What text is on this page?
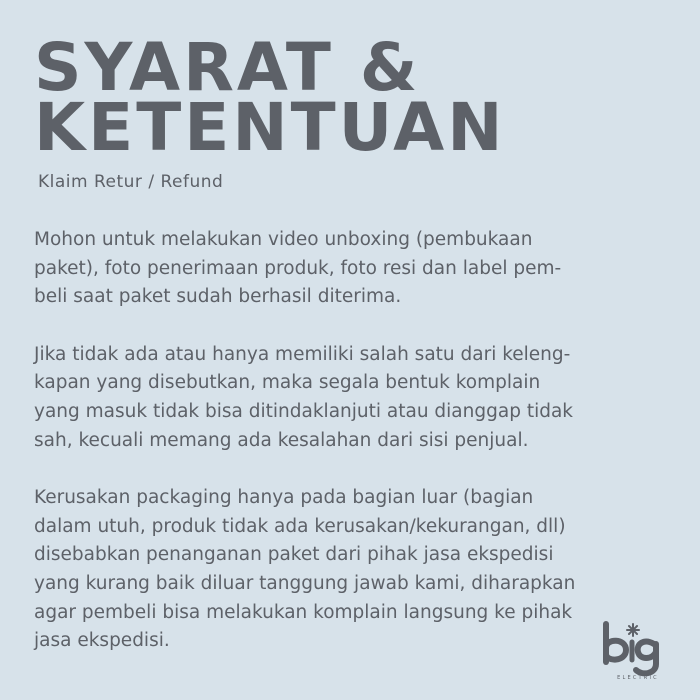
SYARAT &
KETENTUAN
Klaim Retur / Refund

Mohon untuk melakukan video unboxing (pembukaan
paket), foto penerimaan produk, foto resi dan label pem-
beli saat paket sudah berhasil diterima.

Jika tidak ada atau hanya memiliki salah satu dari keleng-
kapan yang disebutkan, maka segala bentuk komplain
yang masuk tidak bisa ditindaklanjuti atau dianggap tidak
sah, kecuali memang ada kesalahan dari sisi penjual.

Kerusakan packaging hanya pada bagian luar (bagian
dalam utuh, produk tidak ada kerusakan/kekurangan, dll)
disebabkan penanganan paket dari pihak jasa ekspedisi
yang kurang baik diluar tanggung jawab kami, diharapkan
agar pembeli bisa melakukan komplain langsung ke pihak
jasa ekspedisi.

ELECTRIC
